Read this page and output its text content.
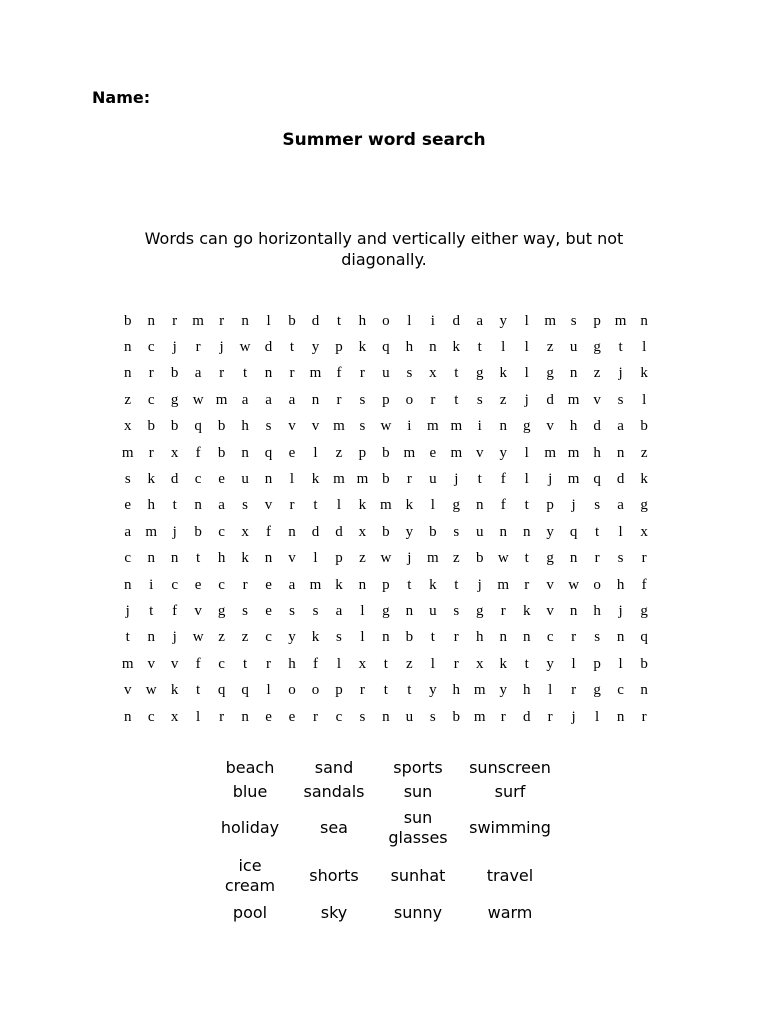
Name:
Summer word search
Words can go horizontally and vertically either way, but not diagonally.
b	n	r	m	r	n	l	b	d	t	h	o	l	i	d	a	y	l	m	s	p	m	n
n	c	j	r	j	w	d	t	y	p	k	q	h	n	k	t	l	l	z	u	g	t	l
n	r	b	a	r	t	n	r	m	f	r	u	s	x	t	g	k	l	g	n	z	j	k
z	c	g	w	m	a	a	a	n	r	s	p	o	r	t	s	z	j	d	m	v	s	l
x	b	b	q	b	h	s	v	v	m	s	w	i	m	m	i	n	g	v	h	d	a	b
m	r	x	f	b	n	q	e	l	z	p	b	m	e	m	v	y	l	m	m	h	n	z
s	k	d	c	e	u	n	l	k	m	m	b	r	u	j	t	f	l	j	m	q	d	k
e	h	t	n	a	s	v	r	t	l	k	m	k	l	g	n	f	t	p	j	s	a	g
a	m	j	b	c	x	f	n	d	d	x	b	y	b	s	u	n	n	y	q	t	l	x
c	n	n	t	h	k	n	v	l	p	z	w	j	m	z	b	w	t	g	n	r	s	r
n	i	c	e	c	r	e	a	m	k	n	p	t	k	t	j	m	r	v	w	o	h	f
j	t	f	v	g	s	e	s	s	a	l	g	n	u	s	g	r	k	v	n	h	j	g
t	n	j	w	z	z	c	y	k	s	l	n	b	t	r	h	n	n	c	r	s	n	q
m	v	v	f	c	t	r	h	f	l	x	t	z	l	r	x	k	t	y	l	p	l	b
v	w	k	t	q	q	l	o	o	p	r	t	t	y	h	m	y	h	l	r	g	c	n
n	c	x	l	r	n	e	e	r	c	s	n	u	s	b	m	r	d	r	j	l	n	r
beach	sand	sports	sunscreen
blue	sandals	sun	surf
holiday	sea	sun glasses	swimming
ice cream	shorts	sunhat	travel
pool	sky	sunny	warm
